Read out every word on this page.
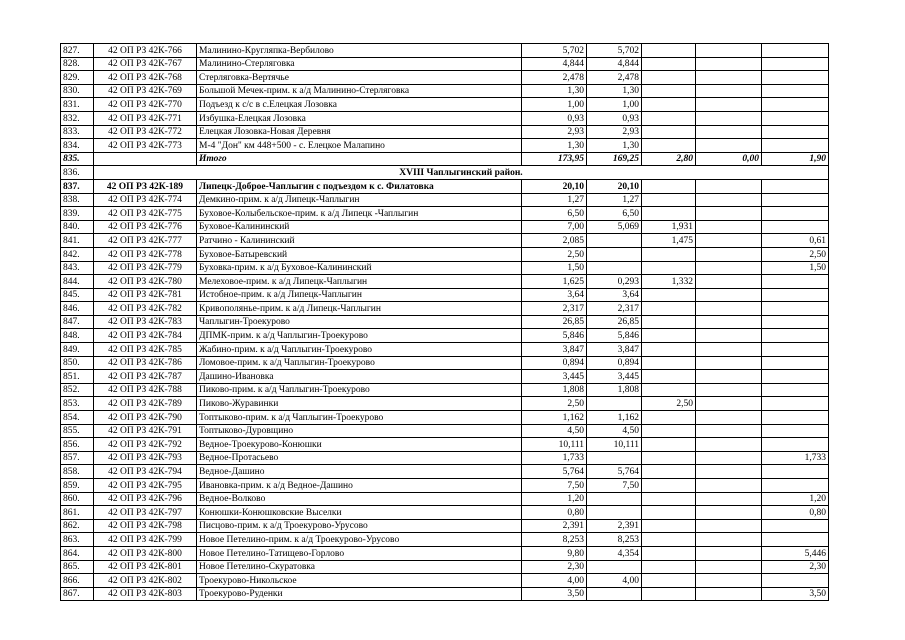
827.	42 ОП РЗ 42К-766	Малинино-Кругляпка-Вербилово	5,702	5,702			
828.	42 ОП РЗ 42К-767	Малинино-Стерляговка	4,844	4,844			
829.	42 ОП РЗ 42К-768	Стерляговка-Вертячье	2,478	2,478			
830.	42 ОП РЗ 42К-769	Большой Мечек-прим. к а/д Малинино-Стерляговка	1,30	1,30			
831.	42 ОП РЗ 42К-770	Подъезд к с/с в с.Елецкая Лозовка	1,00	1,00			
832.	42 ОП РЗ 42К-771	Избушка-Елецкая Лозовка	0,93	0,93			
833.	42 ОП РЗ 42К-772	Елецкая Лозовка-Новая Деревня	2,93	2,93			
834.	42 ОП РЗ 42К-773	М-4 "Дон" км 448+500 - с. Елецкое Малапино	1,30	1,30			
835.		Итого	173,95	169,25	2,80	0,00	1,90
836.	XVIII Чаплыгинский район.						
837.	42 ОП РЗ 42К-189	Липецк-Доброе-Чаплыгин с подъездом к с. Филатовка	20,10	20,10			
838.	42 ОП РЗ 42К-774	Демкино-прим. к а/д Липецк-Чаплыгин	1,27	1,27			
839.	42 ОП РЗ 42К-775	Буховое-Колыбельское-прим. к а/д Липецк -Чаплыгин	6,50	6,50			
840.	42 ОП РЗ 42К-776	Буховое-Калининский	7,00	5,069	1,931		
841.	42 ОП РЗ 42К-777	Ратчино - Калининский	2,085		1,475		0,61
842.	42 ОП РЗ 42К-778	Буховое-Батыревский	2,50				2,50
843.	42 ОП РЗ 42К-779	Буховка-прим. к а/д Буховое-Калининский	1,50				1,50
844.	42 ОП РЗ 42К-780	Мелеховое-прим. к а/д Липецк-Чаплыгин	1,625	0,293	1,332		
845.	42 ОП РЗ 42К-781	Истобное-прим. к а/д Липецк-Чаплыгин	3,64	3,64			
846.	42 ОП РЗ 42К-782	Кривополянье-прим. к а/д Липецк-Чаплыгин	2,317	2,317			
847.	42 ОП РЗ 42К-783	Чаплыгин-Троекурово	26,85	26,85			
848.	42 ОП РЗ 42К-784	ДПМК-прим. к а/д Чаплыгин-Троекурово	5,846	5,846			
849.	42 ОП РЗ 42К-785	Жабино-прим. к а/д Чаплыгин-Троекурово	3,847	3,847			
850.	42 ОП РЗ 42К-786	Ломовое-прим. к а/д Чаплыгин-Троекурово	0,894	0,894			
851.	42 ОП РЗ 42К-787	Дашино-Ивановка	3,445	3,445			
852.	42 ОП РЗ 42К-788	Пиково-прим. к а/д Чаплыгин-Троекурово	1,808	1,808			
853.	42 ОП РЗ 42К-789	Пиково-Журавинки	2,50		2,50		
854.	42 ОП РЗ 42К-790	Топтыково-прим. к а/д Чаплыгин-Троекурово	1,162	1,162			
855.	42 ОП РЗ 42К-791	Топтыково-Дуровщино	4,50	4,50			
856.	42 ОП РЗ 42К-792	Ведное-Троекурово-Конюшки	10,111	10,111			
857.	42 ОП РЗ 42К-793	Ведное-Протасьево	1,733				1,733
858.	42 ОП РЗ 42К-794	Ведное-Дашино	5,764	5,764			
859.	42 ОП РЗ 42К-795	Ивановка-прим. к а/д Ведное-Дашино	7,50	7,50			
860.	42 ОП РЗ 42К-796	Ведное-Волково	1,20				1,20
861.	42 ОП РЗ 42К-797	Конюшки-Конюшковские Выселки	0,80				0,80
862.	42 ОП РЗ 42К-798	Писцово-прим. к а/д Троекурово-Урусово	2,391	2,391			
863.	42 ОП РЗ 42К-799	Новое Петелино-прим. к а/д Троекурово-Урусово	8,253	8,253			
864.	42 ОП РЗ 42К-800	Новое Петелино-Татищево-Горлово	9,80	4,354			5,446
865.	42 ОП РЗ 42К-801	Новое Петелино-Скуратовка	2,30				2,30
866.	42 ОП РЗ 42К-802	Троекурово-Никольское	4,00	4,00			
867.	42 ОП РЗ 42К-803	Троекурово-Руденки	3,50				3,50
